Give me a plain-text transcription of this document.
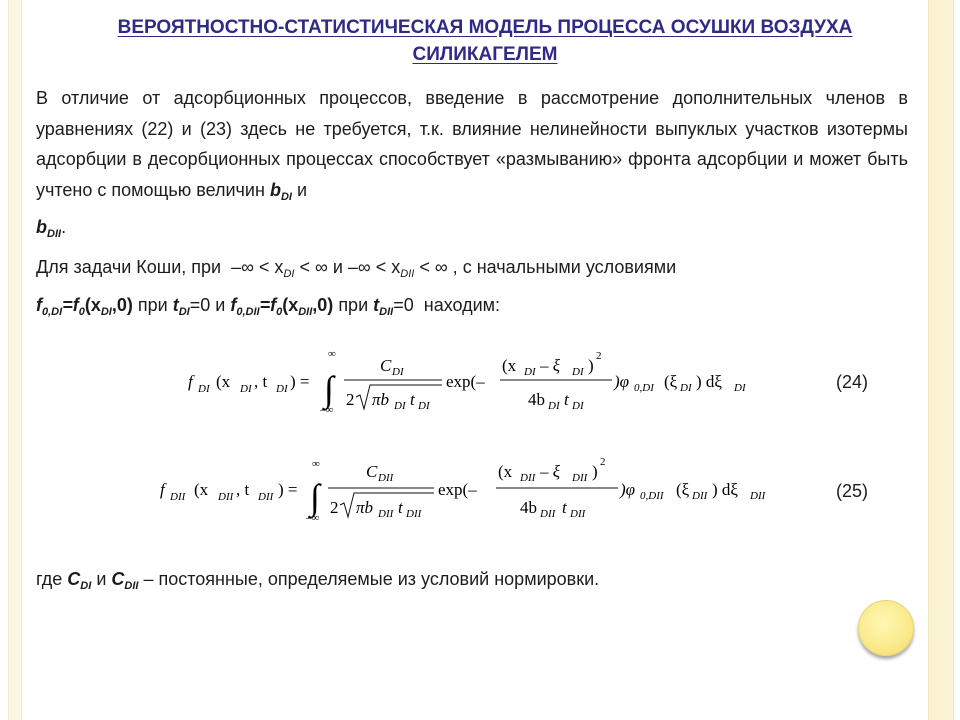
ВЕРОЯТНОСТНО-СТАТИСТИЧЕСКАЯ МОДЕЛЬ ПРОЦЕССА ОСУШКИ ВОЗДУХА СИЛИКАГЕЛЕМ
В отличие от адсорбционных процессов, введение в рассмотрение дополнительных членов в уравнениях (22) и (23) здесь не требуется, т.к. влияние нелинейности выпуклых участков изотермы адсорбции в десорбционных процессах способствует «размыванию» фронта адсорбции и может быть учтено с помощью величин $b_{DI}$ и
$b_{DII}$.
Для задачи Коши, при –∞ < $x_{DI}$ < ∞ и –∞ < $x_{DII}$ < ∞ , с начальными условиями
$f_{0,DI}=f_0(x_{DI},0)$ при $t_{DI}=0$ и $f_{0,DII}=f_0(x_{DII},0)$ при $t_{DII}=0$ находим:
f DI (x DI , t DI ) =
∞
∫
–∞
C DI
2 πb DI t DI
exp(–
(x DI – ξ DI ) 2
4b DI t DI
)φ 0,DI (ξ DI ) dξ DI	(24)
f DII (x DII , t DII ) =
∞
∫
–∞
C DII
2 πb DII t DII
exp(–
(x DII – ξ DII ) 2
4b DII t DII
)φ 0,DII (ξ DII ) dξ DII	(25)
где $C_{DI}$ и $C_{DII}$ – постоянные, определяемые из условий нормировки.
